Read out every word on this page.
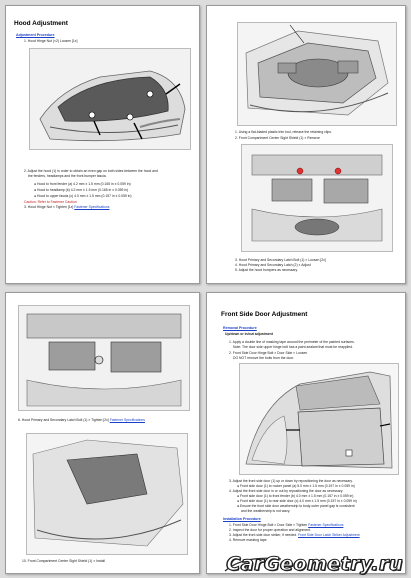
Hood Adjustment
Adjustment Procedure
1. Hood Hinge Nut (×2) Loosen [1x]
2. Adjust the hood (1) in order to obtain an even gap on both sides between the hood and
the fenders, headlamps and the front bumper fascia.
● Hood to front fender (a) 4.2 mm ± 1.5 mm (0.165 in ± 0.059 in)
● Hood to headlamp (b) 4.2 mm ± 1.5 mm (0.165 in ± 0.059 in)
● Hood to upper fascia (c) 4.0 mm ± 1.5 mm (0.157 in ± 0.059 in)
Caution: Refer to Fastener Caution
3. Hood Hinge Nut × Tighten [1x] Fastener Specifications
1. Using a flat-bladed plastic trim tool, release the retaining clips.
2. Front Compartment Center Sight Shield (1) × Remove
3. Hood Primary and Secondary Latch Bolt (1) × Loosen [2x]
4. Hood Primary and Secondary Latch (2) × Adjust
5. Adjust the hood bumpers as necessary.
6. Hood Primary and Secondary Latch Bolt (1) × Tighten [2x] Fastener Specifications
10. Front Compartment Center Sight Shield (1) × Install
Front Side Door Adjustment
Removal Procedure
Up/down or in/out adjustment
1. Apply a double line of masking tape around the perimeter of the painted surfaces.
Note: The door side upper hinge bolt has a paint-sealant that must be reapplied.
2. Front Side Door Hinge Bolt × Door Side × Loosen
DO NOT remove the bolts from the door.
3. Adjust the front side door (1) up or down by repositioning the door as necessary.
● Front side door (1) to rocker panel (a) 5.0 mm ± 1.5 mm (0.197 in ± 0.059 in)
4. Adjust the front side door in or out by repositioning the door as necessary.
● Front side door (1) to front fender (b) 4.0 mm ± 1.5 mm (0.157 in ± 0.059 in)
● Front side door (1) to rear side door (c) 4.0 mm ± 1.5 mm (0.157 in ± 0.059 in)
● Ensure the front side door weatherstrip to body outer panel gap is consistent
and the weatherstrip is not wavy.
Installation Procedure
1. Front Side Door Hinge Bolt × Door Side × Tighten Fastener Specifications
2. Inspect the door for proper operation and alignment.
3. Adjust the front side door striker, if needed. Front Side Door Latch Striker Adjustment
4. Remove masking tape.
CarGeometry.ru
